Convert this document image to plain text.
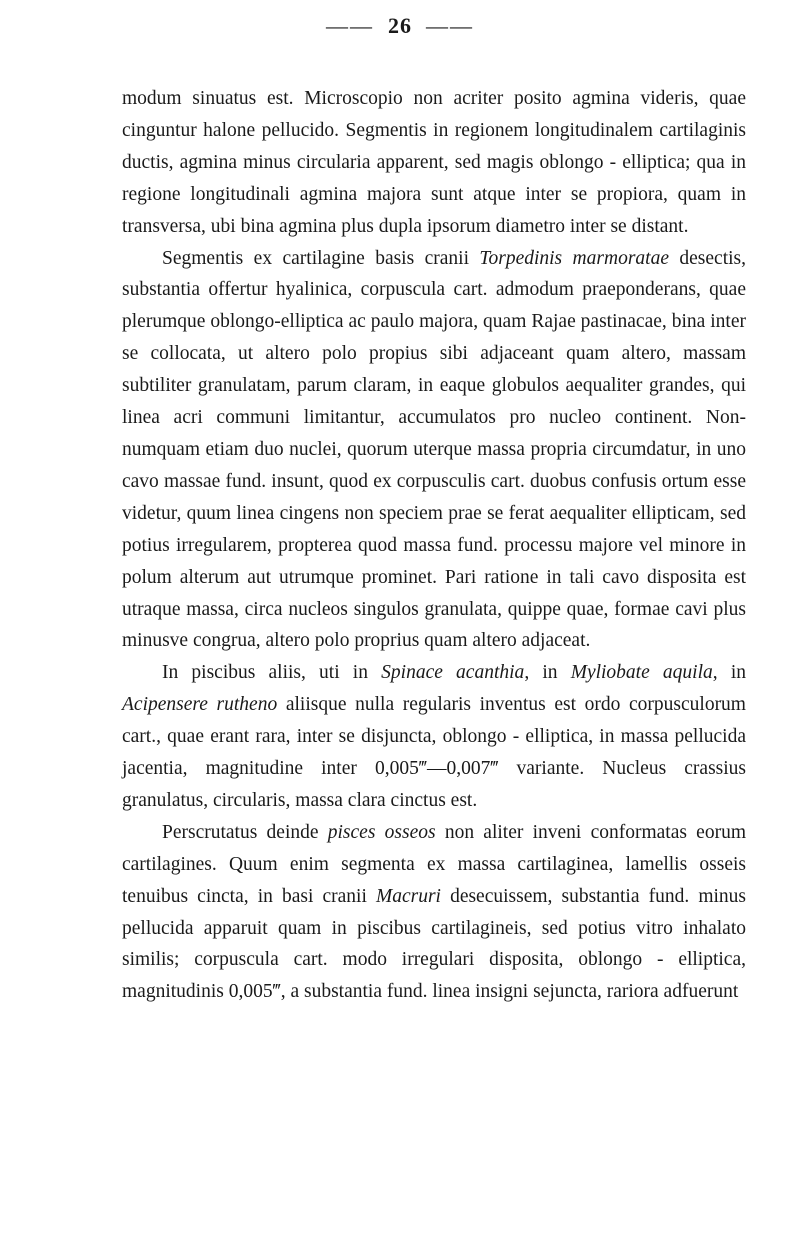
—— 26 ——

modum sinuatus est. Microscopio non acriter posito agmina videris, quae cinguntur halone pellucido. Segmentis in regionem longitudinalem cartilaginis ductis, agmina minus circularia apparent, sed magis oblongo - elliptica; qua in regione longitudinali agmina majora sunt atque inter se propiora, quam in transversa, ubi bina agmina plus dupla ipsorum diametro inter se distant.

Segmentis ex cartilagine basis cranii Torpedinis marmoratae desectis, substantia offertur hyalinica, corpuscula cart. admodum praeponderans, quae plerumque oblongo-elliptica ac paulo majora, quam Rajae pastinacae, bina inter se collocata, ut altero polo propius sibi adjaceant quam altero, massam subtiliter granulatam, parum claram, in eaque globulos aequaliter grandes, qui linea acri communi limitantur, accumulatos pro nucleo continent. Non-numquam etiam duo nuclei, quorum uterque massa propria circumdatur, in uno cavo massae fund. insunt, quod ex corpusculis cart. duobus confusis ortum esse videtur, quum linea cingens non speciem prae se ferat aequaliter ellipticam, sed potius irregularem, propterea quod massa fund. processu majore vel minore in polum alterum aut utrumque prominet. Pari ratione in tali cavo disposita est utraque massa, circa nucleos singulos granulata, quippe quae, formae cavi plus minusve congrua, altero polo proprius quam altero adjaceat.

In piscibus aliis, uti in Spinace acanthia, in Myliobate aquila, in Acipensere rutheno aliisque nulla regularis inventus est ordo corpusculorum cart., quae erant rara, inter se disjuncta, oblongo - elliptica, in massa pellucida jacentia, magnitudine inter 0,005‴—0,007‴ variante. Nucleus crassius granulatus, circularis, massa clara cinctus est.

Perscrutatus deinde pisces osseos non aliter inveni conformatas eorum cartilagines. Quum enim segmenta ex massa cartilaginea, lamellis osseis tenuibus cincta, in basi cranii Macruri desecuissem, substantia fund. minus pellucida apparuit quam in piscibus cartilagineis, sed potius vitro inhalato similis; corpuscula cart. modo irregulari disposita, oblongo - elliptica, magnitudinis 0,005‴, a substantia fund. linea insigni sejuncta, rariora adfuerunt
